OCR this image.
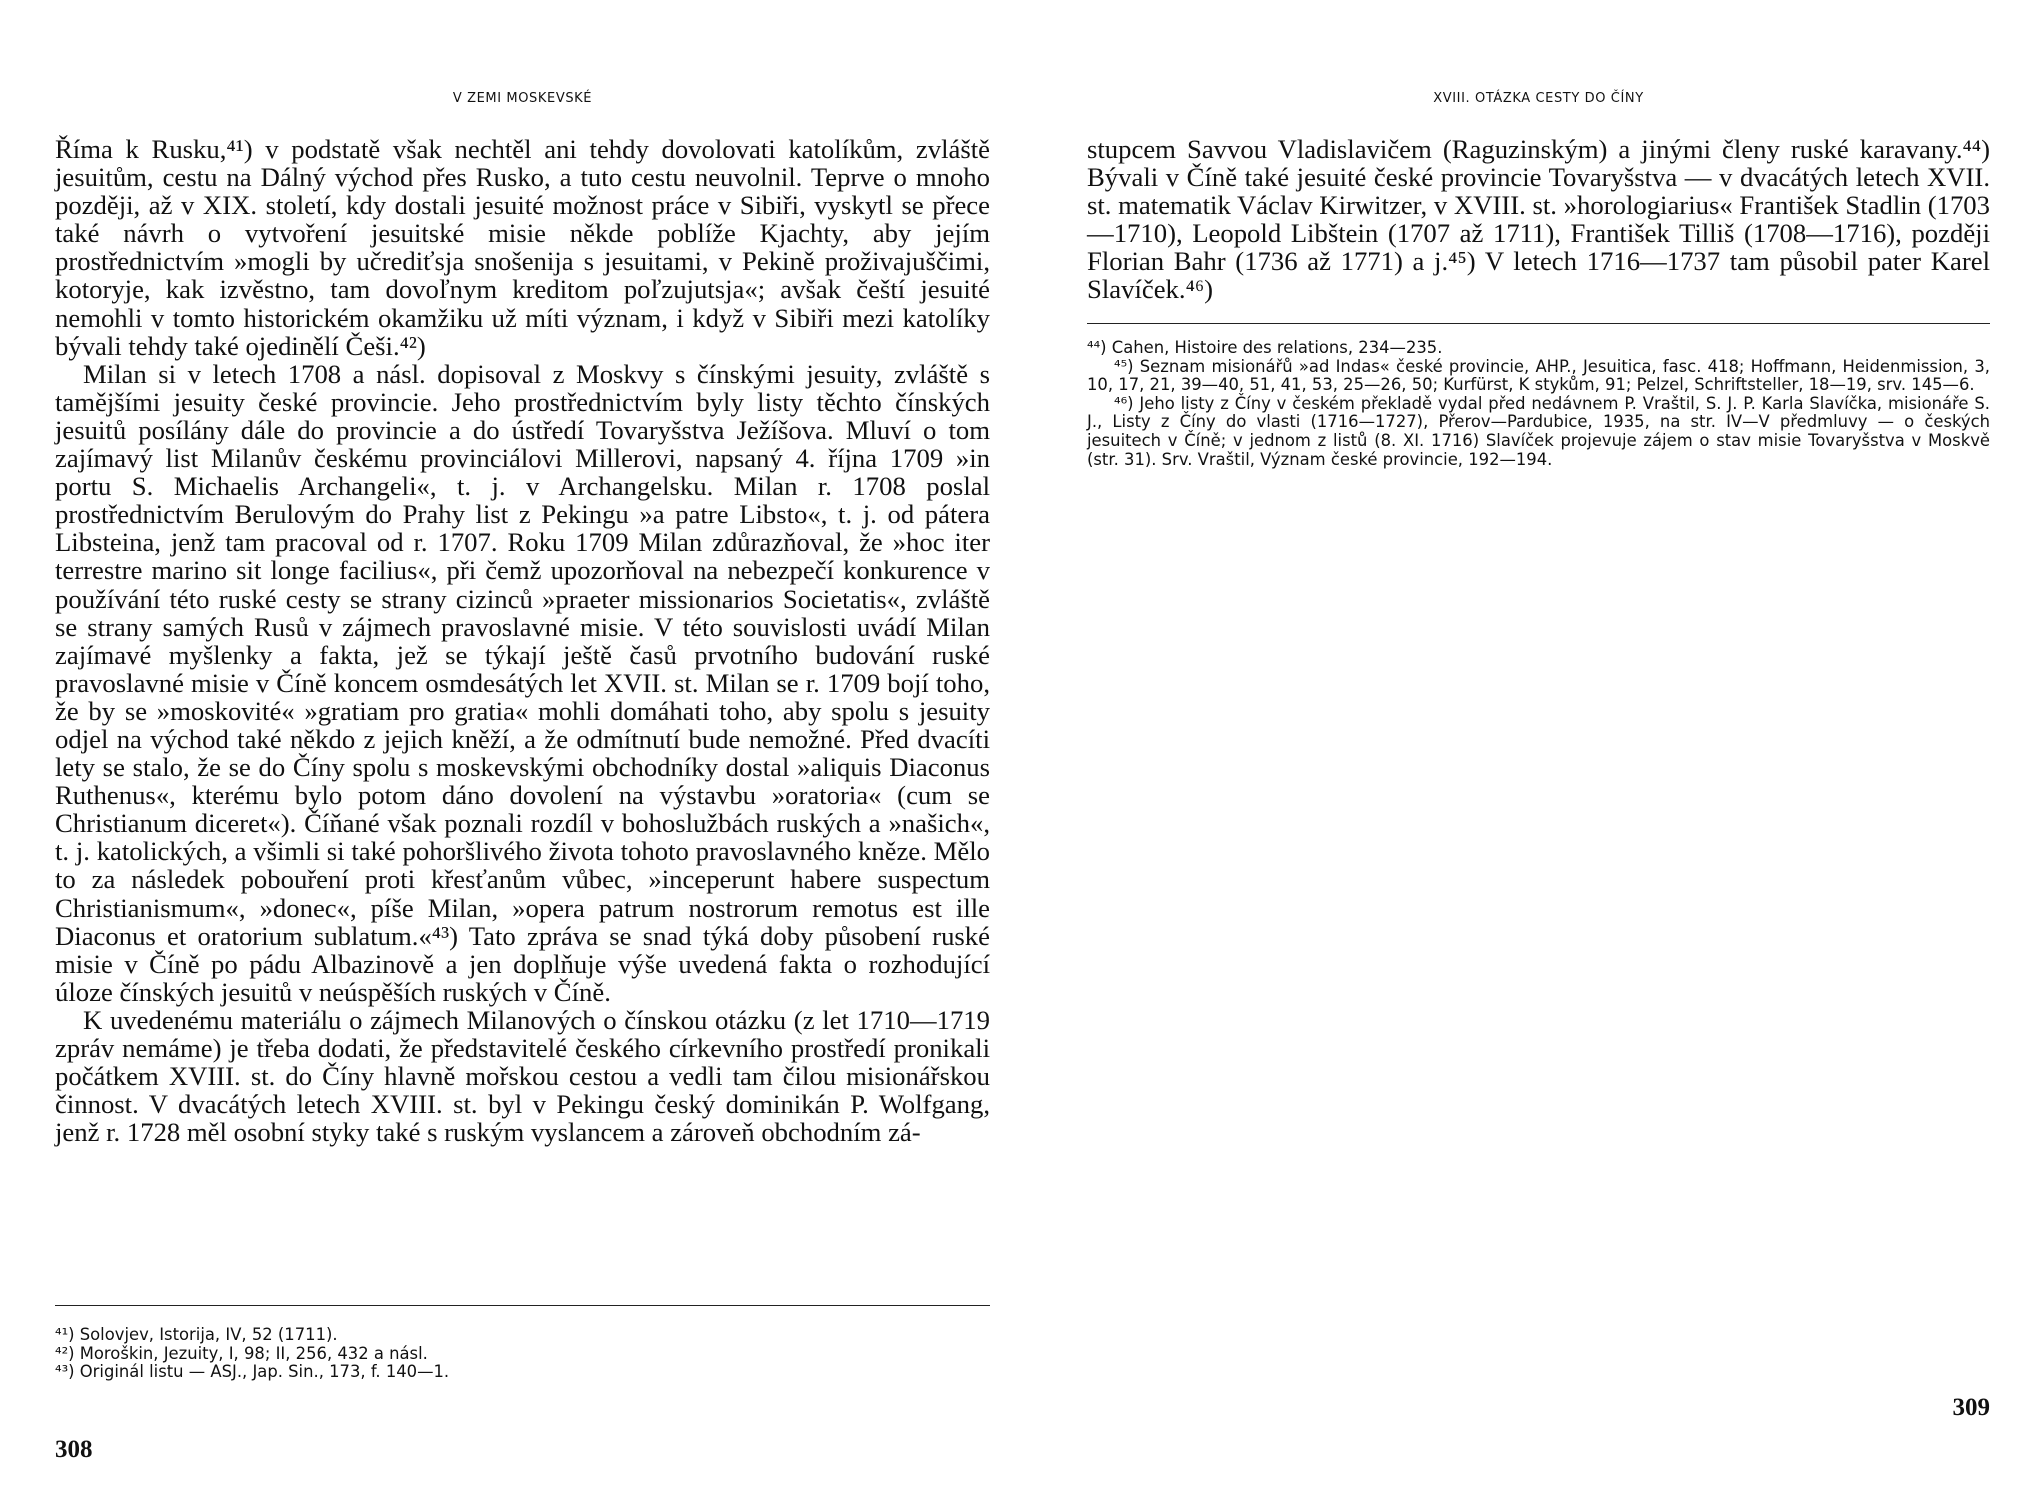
V ZEMI MOSKEVSKÉ

Říma k Rusku,⁴¹) v podstatě však nechtěl ani tehdy dovolovati katolíkům, zvláště jesuitům, cestu na Dálný východ přes Rusko, a tuto cestu neuvolnil. Teprve o mnoho později, až v XIX. století, kdy dostali jesuité možnost práce v Sibiři, vyskytl se přece také návrh o vytvoření jesuitské misie někde poblíže Kjachty, aby jejím prostřednictvím »mogli by učrediťsja snošenija s jesuitami, v Pekině proživajuščimi, kotoryje, kak izvěstno, tam dovoľnym kreditom poľzujutsja«; avšak čeští jesuité nemohli v tomto historickém okamžiku už míti význam, i když v Sibiři mezi katolíky bývali tehdy také ojedinělí Češi.⁴²)

Milan si v letech 1708 a násl. dopisoval z Moskvy s čínskými jesuity, zvláště s tamějšími jesuity české provincie. Jeho prostřednictvím byly listy těchto čínských jesuitů posílány dále do provincie a do ústředí Tovaryšstva Ježíšova. Mluví o tom zajímavý list Milanův českému provinciálovi Millerovi, napsaný 4. října 1709 »in portu S. Michaelis Archangeli«, t. j. v Archangelsku. Milan r. 1708 poslal prostřednictvím Berulovým do Prahy list z Pekingu »a patre Libsto«, t. j. od pátera Libsteina, jenž tam pracoval od r. 1707. Roku 1709 Milan zdůrazňoval, že »hoc iter terrestre marino sit longe facilius«, při čemž upozorňoval na nebezpečí konkurence v používání této ruské cesty se strany cizinců »praeter missionarios Societatis«, zvláště se strany samých Rusů v zájmech pravoslavné misie. V této souvislosti uvádí Milan zajímavé myšlenky a fakta, jež se týkají ještě časů prvotního budování ruské pravoslavné misie v Číně koncem osmdesátých let XVII. st. Milan se r. 1709 bojí toho, že by se »moskovité« »gratiam pro gratia« mohli domáhati toho, aby spolu s jesuity odjel na východ také někdo z jejich kněží, a že odmítnutí bude nemožné. Před dvacíti lety se stalo, že se do Číny spolu s moskevskými obchodníky dostal »aliquis Diaconus Ruthenus«, kterému bylo potom dáno dovolení na výstavbu »oratoria« (cum se Christianum diceret«). Číňané však poznali rozdíl v bohoslužbách ruských a »našich«, t. j. katolických, a všimli si také pohoršlivého života tohoto pravoslavného kněze. Mělo to za následek pobouření proti křesťanům vůbec, »inceperunt habere suspectum Christianismum«, »donec«, píše Milan, »opera patrum nostrorum remotus est ille Diaconus et oratorium sublatum.«⁴³) Tato zpráva se snad týká doby působení ruské misie v Číně po pádu Albazinově a jen doplňuje výše uvedená fakta o rozhodující úloze čínských jesuitů v neúspěších ruských v Číně.

K uvedenému materiálu o zájmech Milanových o čínskou otázku (z let 1710—1719 zpráv nemáme) je třeba dodati, že představitelé českého církevního prostředí pronikali počátkem XVIII. st. do Číny hlavně mořskou cestou a vedli tam čilou misionářskou činnost. V dvacátých letech XVIII. st. byl v Pekingu český dominikán P. Wolfgang, jenž r. 1728 měl osobní styky také s ruským vyslancem a zároveň obchodním zá-

⁴¹) Solovjev, Istorija, IV, 52 (1711).

⁴²) Moroškin, Jezuity, I, 98; II, 256, 432 a násl.

⁴³) Originál listu — ASJ., Jap. Sin., 173, f. 140—1.

308
XVIII. OTÁZKA CESTY DO ČÍNY

stupcem Savvou Vladislavičem (Raguzinským) a jinými členy ruské karavany.⁴⁴) Bývali v Číně také jesuité české provincie Tovaryšstva — v dvacátých letech XVII. st. matematik Václav Kirwitzer, v XVIII. st. »horologiarius« František Stadlin (1703—1710), Leopold Libštein (1707 až 1711), František Tilliš (1708—1716), později Florian Bahr (1736 až 1771) a j.⁴⁵) V letech 1716—1737 tam působil pater Karel Slavíček.⁴⁶)

⁴⁴) Cahen, Histoire des relations, 234—235.

⁴⁵) Seznam misionářů »ad Indas« české provincie, AHP., Jesuitica, fasc. 418; Hoffmann, Heidenmission, 3, 10, 17, 21, 39—40, 51, 41, 53, 25—26, 50; Kurfürst, K stykům, 91; Pelzel, Schriftsteller, 18—19, srv. 145—6.

⁴⁶) Jeho listy z Číny v českém překladě vydal před nedávnem P. Vraštil, S. J. P. Karla Slavíčka, misionáře S. J., Listy z Číny do vlasti (1716—1727), Přerov—Pardubice, 1935, na str. IV—V předmluvy — o českých jesuitech v Číně; v jednom z listů (8. XI. 1716) Slavíček projevuje zájem o stav misie Tovaryšstva v Moskvě (str. 31). Srv. Vraštil, Význam české provincie, 192—194.

309
